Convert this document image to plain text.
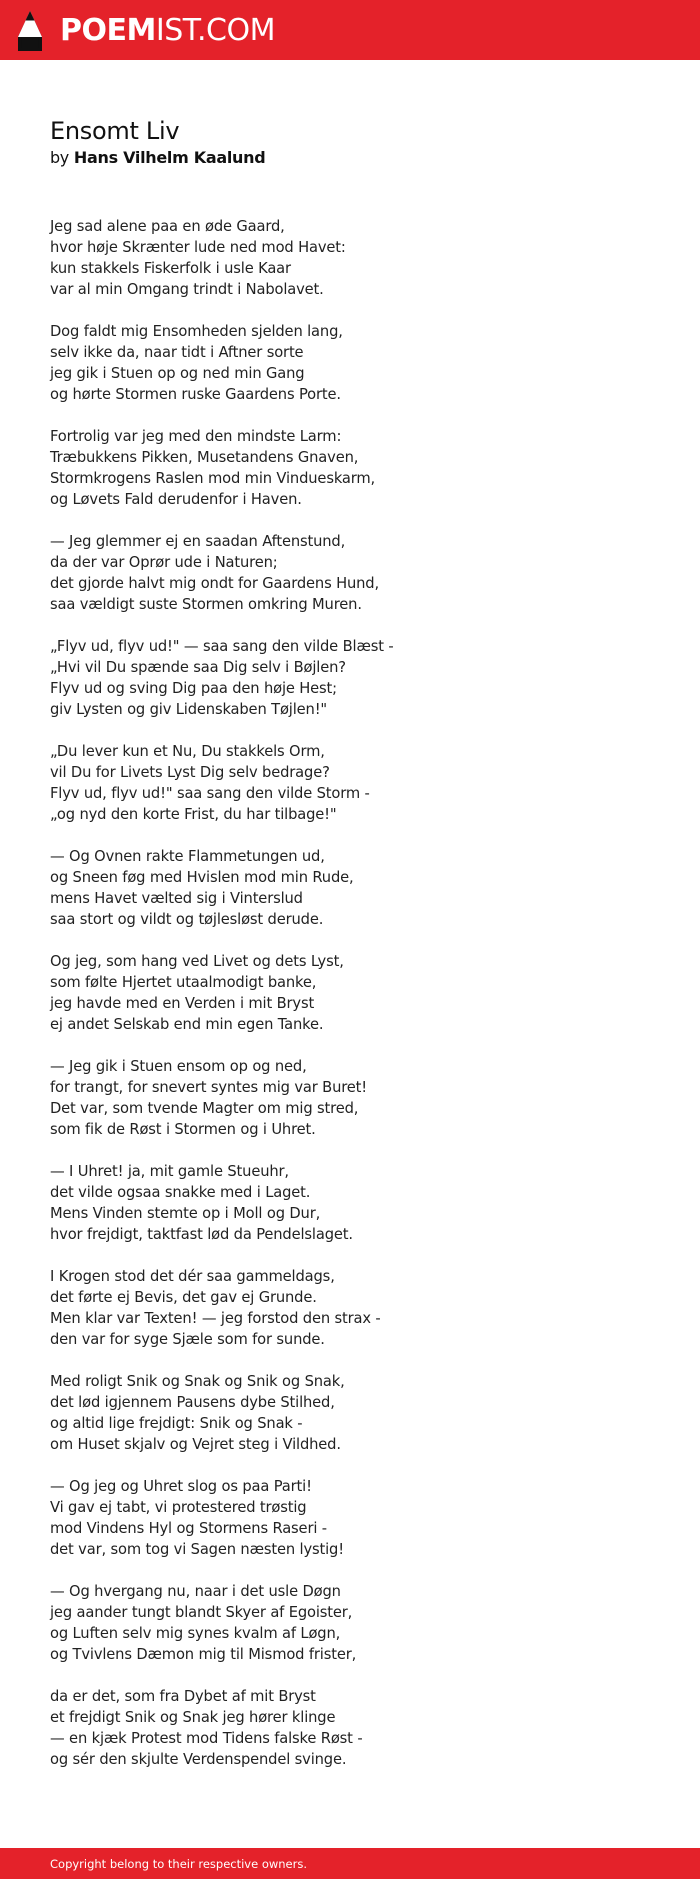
POEMIST.COM
Ensomt Liv
by Hans Vilhelm Kaalund
Jeg sad alene paa en øde Gaard,
hvor høje Skrænter lude ned mod Havet:
kun stakkels Fiskerfolk i usle Kaar
var al min Omgang trindt i Nabolavet.
Dog faldt mig Ensomheden sjelden lang,
selv ikke da, naar tidt i Aftner sorte
jeg gik i Stuen op og ned min Gang
og hørte Stormen ruske Gaardens Porte.
Fortrolig var jeg med den mindste Larm:
Træbukkens Pikken, Musetandens Gnaven,
Stormkrogens Raslen mod min Vindueskarm,
og Løvets Fald derudenfor i Haven.
— Jeg glemmer ej en saadan Aftenstund,
da der var Oprør ude i Naturen;
det gjorde halvt mig ondt for Gaardens Hund,
saa vældigt suste Stormen omkring Muren.
„Flyv ud, flyv ud!" — saa sang den vilde Blæst -
„Hvi vil Du spænde saa Dig selv i Bøjlen?
Flyv ud og sving Dig paa den høje Hest;
giv Lysten og giv Lidenskaben Tøjlen!"
„Du lever kun et Nu, Du stakkels Orm,
vil Du for Livets Lyst Dig selv bedrage?
Flyv ud, flyv ud!" saa sang den vilde Storm -
„og nyd den korte Frist, du har tilbage!"
— Og Ovnen rakte Flammetungen ud,
og Sneen føg med Hvislen mod min Rude,
mens Havet vælted sig i Vinterslud
saa stort og vildt og tøjlesløst derude.
Og jeg, som hang ved Livet og dets Lyst,
som følte Hjertet utaalmodigt banke,
jeg havde med en Verden i mit Bryst
ej andet Selskab end min egen Tanke.
— Jeg gik i Stuen ensom op og ned,
for trangt, for snevert syntes mig var Buret!
Det var, som tvende Magter om mig stred,
som fik de Røst i Stormen og i Uhret.
— I Uhret! ja, mit gamle Stueuhr,
det vilde ogsaa snakke med i Laget.
Mens Vinden stemte op i Moll og Dur,
hvor frejdigt, taktfast lød da Pendelslaget.
I Krogen stod det dér saa gammeldags,
det førte ej Bevis, det gav ej Grunde.
Men klar var Texten! — jeg forstod den strax -
den var for syge Sjæle som for sunde.
Med roligt Snik og Snak og Snik og Snak,
det lød igjennem Pausens dybe Stilhed,
og altid lige frejdigt: Snik og Snak -
om Huset skjalv og Vejret steg i Vildhed.
— Og jeg og Uhret slog os paa Parti!
Vi gav ej tabt, vi protestered trøstig
mod Vindens Hyl og Stormens Raseri -
det var, som tog vi Sagen næsten lystig!
— Og hvergang nu, naar i det usle Døgn
jeg aander tungt blandt Skyer af Egoister,
og Luften selv mig synes kvalm af Løgn,
og Tvivlens Dæmon mig til Mismod frister,
da er det, som fra Dybet af mit Bryst
et frejdigt Snik og Snak jeg hører klinge
— en kjæk Protest mod Tidens falske Røst -
og sér den skjulte Verdenspendel svinge.
Copyright belong to their respective owners.
